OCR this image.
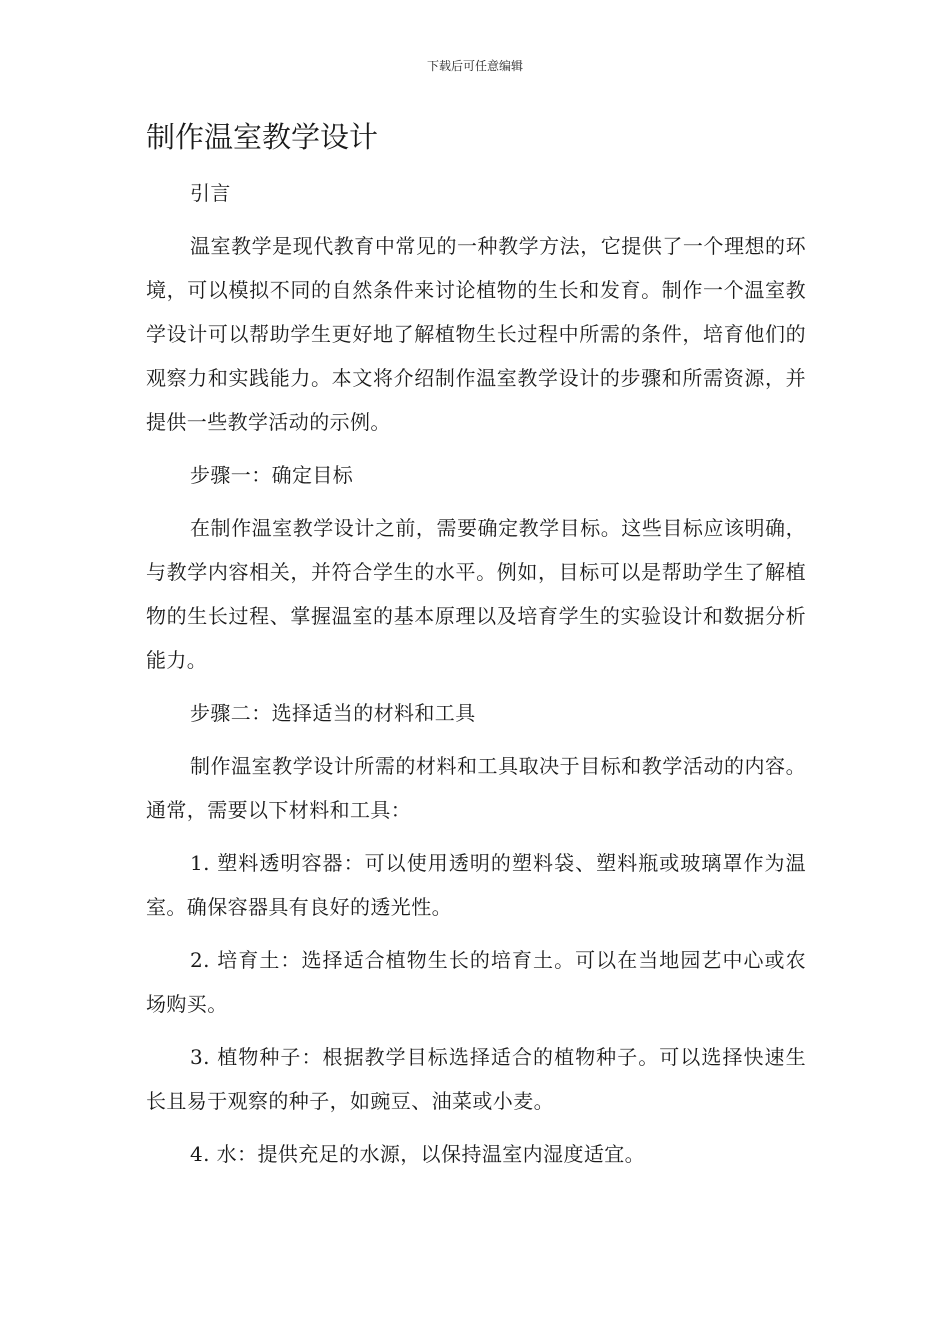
下载后可任意编辑
制作温室教学设计

引言

温室教学是现代教育中常见的一种教学方法，它提供了一个理想的环境，可以模拟不同的自然条件来讨论植物的生长和发育。制作一个温室教学设计可以帮助学生更好地了解植物生长过程中所需的条件，培育他们的观察力和实践能力。本文将介绍制作温室教学设计的步骤和所需资源，并提供一些教学活动的示例。

步骤一：确定目标

在制作温室教学设计之前，需要确定教学目标。这些目标应该明确，与教学内容相关，并符合学生的水平。例如，目标可以是帮助学生了解植物的生长过程、掌握温室的基本原理以及培育学生的实验设计和数据分析能力。

步骤二：选择适当的材料和工具

制作温室教学设计所需的材料和工具取决于目标和教学活动的内容。通常，需要以下材料和工具：

1. 塑料透明容器：可以使用透明的塑料袋、塑料瓶或玻璃罩作为温室。确保容器具有良好的透光性。

2. 培育土：选择适合植物生长的培育土。可以在当地园艺中心或农场购买。

3. 植物种子：根据教学目标选择适合的植物种子。可以选择快速生长且易于观察的种子，如豌豆、油菜或小麦。

4. 水：提供充足的水源，以保持温室内湿度适宜。
